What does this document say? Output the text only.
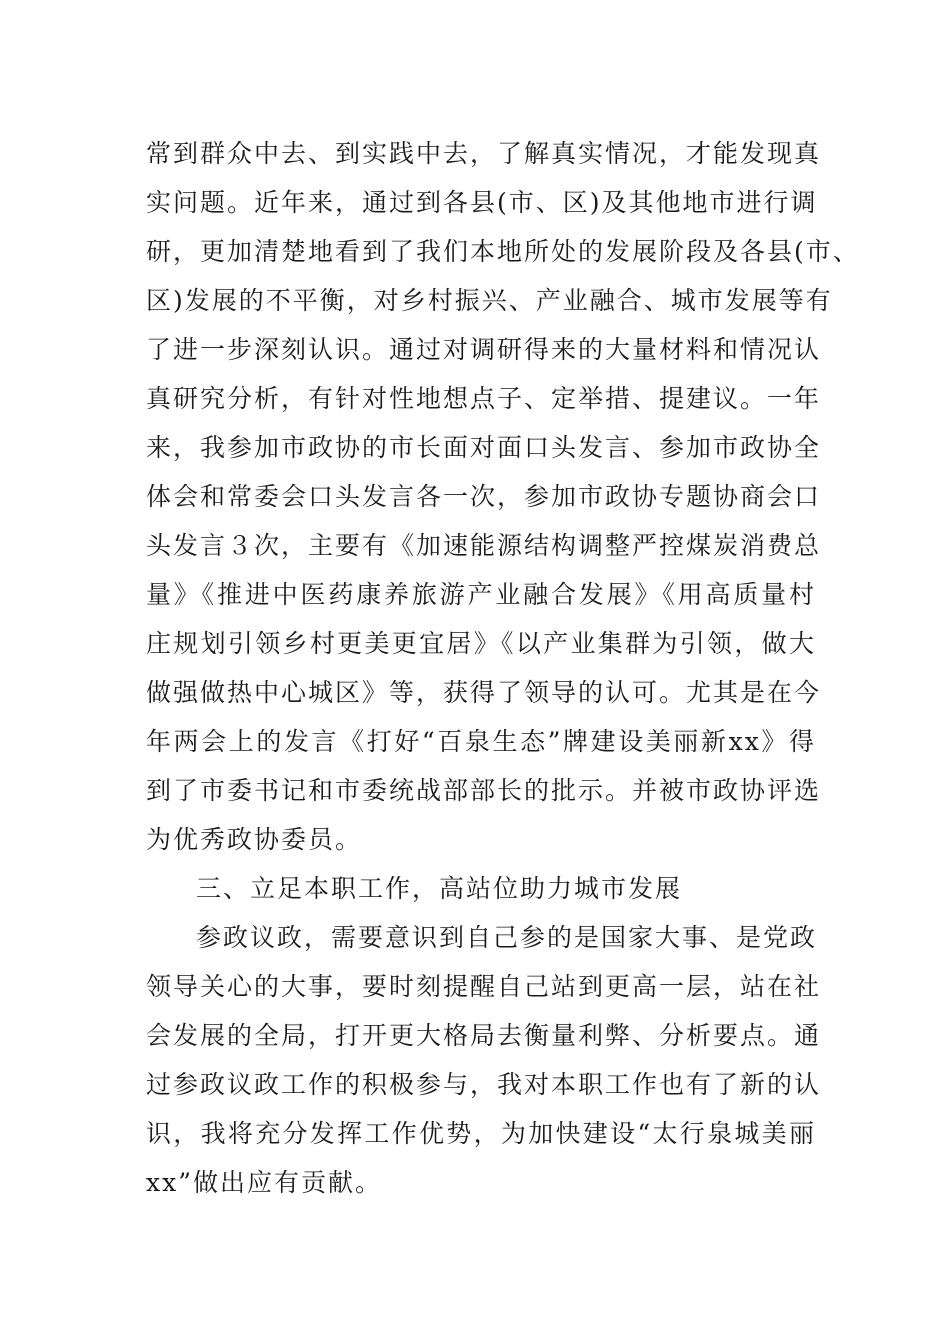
常到群众中去、到实践中去，了解真实情况，才能发现真
实问题。近年来，通过到各县(市、区)及其他地市进行调
研，更加清楚地看到了我们本地所处的发展阶段及各县(市、
区)发展的不平衡，对乡村振兴、产业融合、城市发展等有
了进一步深刻认识。通过对调研得来的大量材料和情况认
真研究分析，有针对性地想点子、定举措、提建议。一年
来，我参加市政协的市长面对面口头发言、参加市政协全
体会和常委会口头发言各一次，参加市政协专题协商会口
头发言３次，主要有《加速能源结构调整严控煤炭消费总
量》《推进中医药康养旅游产业融合发展》《用高质量村
庄规划引领乡村更美更宜居》《以产业集群为引领，做大
做强做热中心城区》等，获得了领导的认可。尤其是在今
年两会上的发言《打好“百泉生态”牌建设美丽新xx》得
到了市委书记和市委统战部部长的批示。并被市政协评选
为优秀政协委员。
三、立足本职工作，高站位助力城市发展
参政议政，需要意识到自己参的是国家大事、是党政
领导关心的大事，要时刻提醒自己站到更高一层，站在社
会发展的全局，打开更大格局去衡量利弊、分析要点。通
过参政议政工作的积极参与，我对本职工作也有了新的认
识，我将充分发挥工作优势，为加快建设“太行泉城美丽
xx”做出应有贡献。
